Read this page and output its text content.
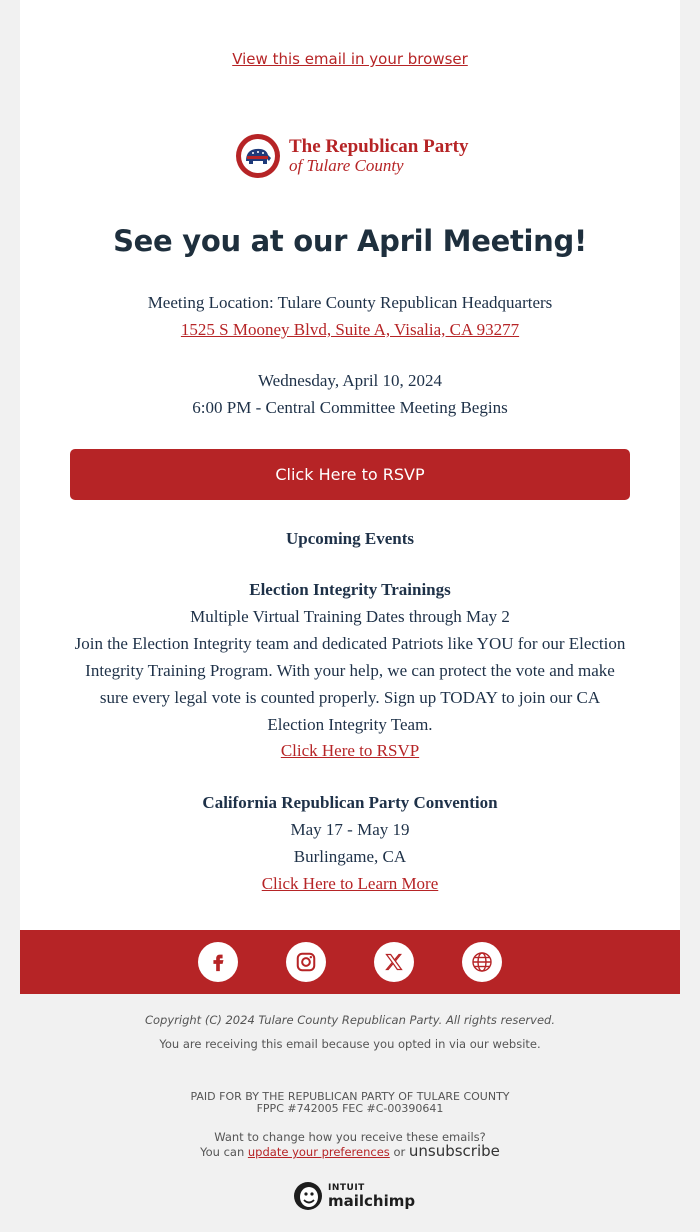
View this email in your browser
The Republican Party
of Tulare County
See you at our April Meeting!
Meeting Location: Tulare County Republican Headquarters
1525 S Mooney Blvd, Suite A, Visalia, CA 93277
Wednesday, April 10, 2024
6:00 PM - Central Committee Meeting Begins
Click Here to RSVP
Upcoming Events
Election Integrity Trainings
Multiple Virtual Training Dates through May 2
Join the Election Integrity team and dedicated Patriots like YOU for our Election Integrity Training Program. With your help, we can protect the vote and make sure every legal vote is counted properly. Sign up TODAY to join our CA Election Integrity Team.
Click Here to RSVP
California Republican Party Convention
May 17 - May 19
Burlingame, CA
Click Here to Learn More
Copyright (C) 2024 Tulare County Republican Party. All rights reserved.
You are receiving this email because you opted in via our website.
PAID FOR BY THE REPUBLICAN PARTY OF TULARE COUNTY
FPPC #742005 FEC #C-00390641
Want to change how you receive these emails?
You can update your preferences or unsubscribe
INTUIT
mailchimp
